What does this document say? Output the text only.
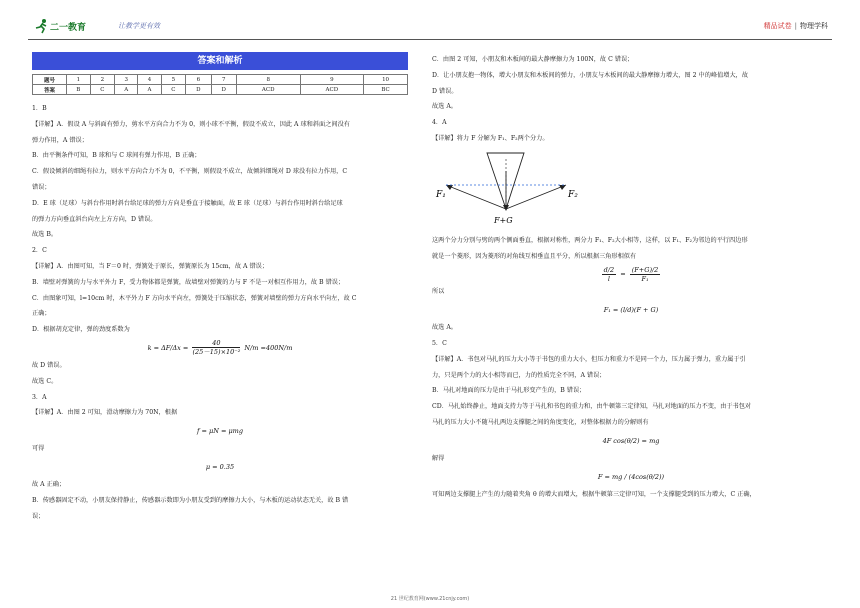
二一教育	让教学更有效	精品试卷 | 物理学科
答案和解析
题号	1	2	3	4	5	6	7	8	9	10
答案	B	C	A	A	C	D	D	ACD	ACD	BC
1．B
【详解】A．假设 A 与斜面有弹力，剪水平方向合力不为 0，则小球不平衡，假设不成立，因此 A 球和斜面之间没有
弹力作用，A 错误；
B．由平衡条件可知，B 球和与 C 球间有弹力作用，B 正确；
C．假设倾斜的细绳有拉力，则水平方向合力不为 0，不平衡，则假设不成立，故倾斜细绳对 D 球没有拉力作用，C
错误；
D．E 球（足球）与斜台作用时斜台给足球的弹力方向是垂直于接触面，故 E 球（足球）与斜台作用时斜台给足球
的弹力方向垂直斜台向左上方方向，D 错误。
故选 B。
2．C
【详解】A．由图可知，当 F＝0 时，弹簧处于原长，弹簧原长为 15cm，故 A 错误；
B．墙壁对弹簧的力与水平外力 F，受力物体都是弹簧，故墙壁对弹簧的力与 F 不是一对相互作用力，故 B 错误；
C．由图象可知，l=10cm 时，木平外力 F 方向水平向左，弹簧处于压缩状态，弹簧对墙壁的弹力方向水平向左，故 C
正确；
D．根据胡克定律，弹的劲度系数为
$k = \Delta F/\Delta x = \frac{40}{\text{(25－15)×10⁻²}} N/m =400N/m$
故 D 错误。
故选 C。
3．A
【详解】A．由图 2 可知，滑动摩擦力为 70N，根据
f = μN = μmg
可得
μ = 0.35
故 A 正确；
B．传感器固定不动，小朋友保持静止，传感器示数即为小朋友受到的摩擦力大小，与木板的运动状态无关，故 B 错
误；
C．由图 2 可知，小朋友和木板间的最大静摩擦力为 100N，故 C 错误；
D．让小朋友抱一物体，增大小朋友和木板间的弹力，小朋友与木板间的最大静摩擦力增大，图 2 中的峰值增大，故
D 错误。
故选 A。
4．A
【详解】将力 F 分解为 F₁、F₂两个分力。
F₁	F₂
F+G
这两个分力分别与劈的两个侧面垂直，根据对称性，两分力 F₁、F₂大小相等，这样，以 F₁、F₂为邻边的平行四边形
就是一个菱形，因为菱形的对角线互相垂直且平分，所以根据三角形相似有
$\frac{d/2}{l} = \frac{(F+G)/2}{\text{F₁}}$
所以
F₁ = (l/d)(F + G)
故选 A。
5．C
【详解】A．书包对马扎的压力大小等于书包的重力大小，但压力和重力不是同一个力，压力属于弹力，重力属于引
力，只是两个力的大小相等而已，力的性质完全不同，A 错误；
B．马扎对地面的压力是由于马扎形变产生的，B 错误；
CD．马扎始终静止，地面支持力等于马扎和书包的重力和，由牛顿第三定律知，马扎对地面的压力不变，由于书包对
马扎的压力大小不随马扎两边支撑腿之间的角度变化，对整体根据力的分解则有
4F cos(θ/2) = mg
解得
F = mg / (4cos(θ/2))
可知两边支撑腿上产生的力随着夹角 θ 的增大而增大，根据牛顿第三定律可知，一个支撑腿受到的压力增大，C 正确，
21 世纪教育网(www.21cnjy.com)
